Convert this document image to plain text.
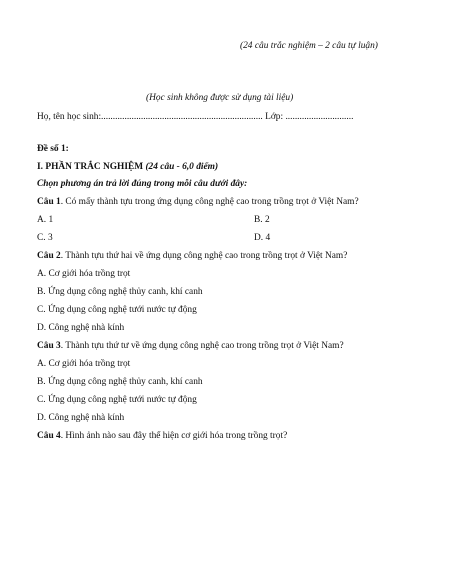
(24 câu trắc nghiệm – 2 câu tự luận)
(Học sinh không được sử dụng tài liệu)
Họ, tên học sinh:..................................................................... Lớp: .............................
Đề số 1:
I. PHẦN TRẮC NGHIỆM (24 câu - 6,0 điểm)
Chọn phương án trả lời đúng trong mỗi câu dưới đây:
Câu 1. Có mấy thành tựu trong ứng dụng công nghệ cao trong trồng trọt ở Việt Nam?
A. 1	B. 2
C. 3	D. 4
Câu 2. Thành tựu thứ hai về ứng dụng công nghệ cao trong trồng trọt ở Việt Nam?
A. Cơ giới hóa trồng trọt
B. Ứng dụng công nghệ thủy canh, khí canh
C. Ứng dụng công nghệ tưới nước tự động
D. Công nghệ nhà kính
Câu 3. Thành tựu thứ tư về ứng dụng công nghệ cao trong trồng trọt ở Việt Nam?
A. Cơ giới hóa trồng trọt
B. Ứng dụng công nghệ thủy canh, khí canh
C. Ứng dụng công nghệ tưới nước tự động
D. Công nghệ nhà kính
Câu 4. Hình ảnh nào sau đây thể hiện cơ giới hóa trong trồng trọt?
